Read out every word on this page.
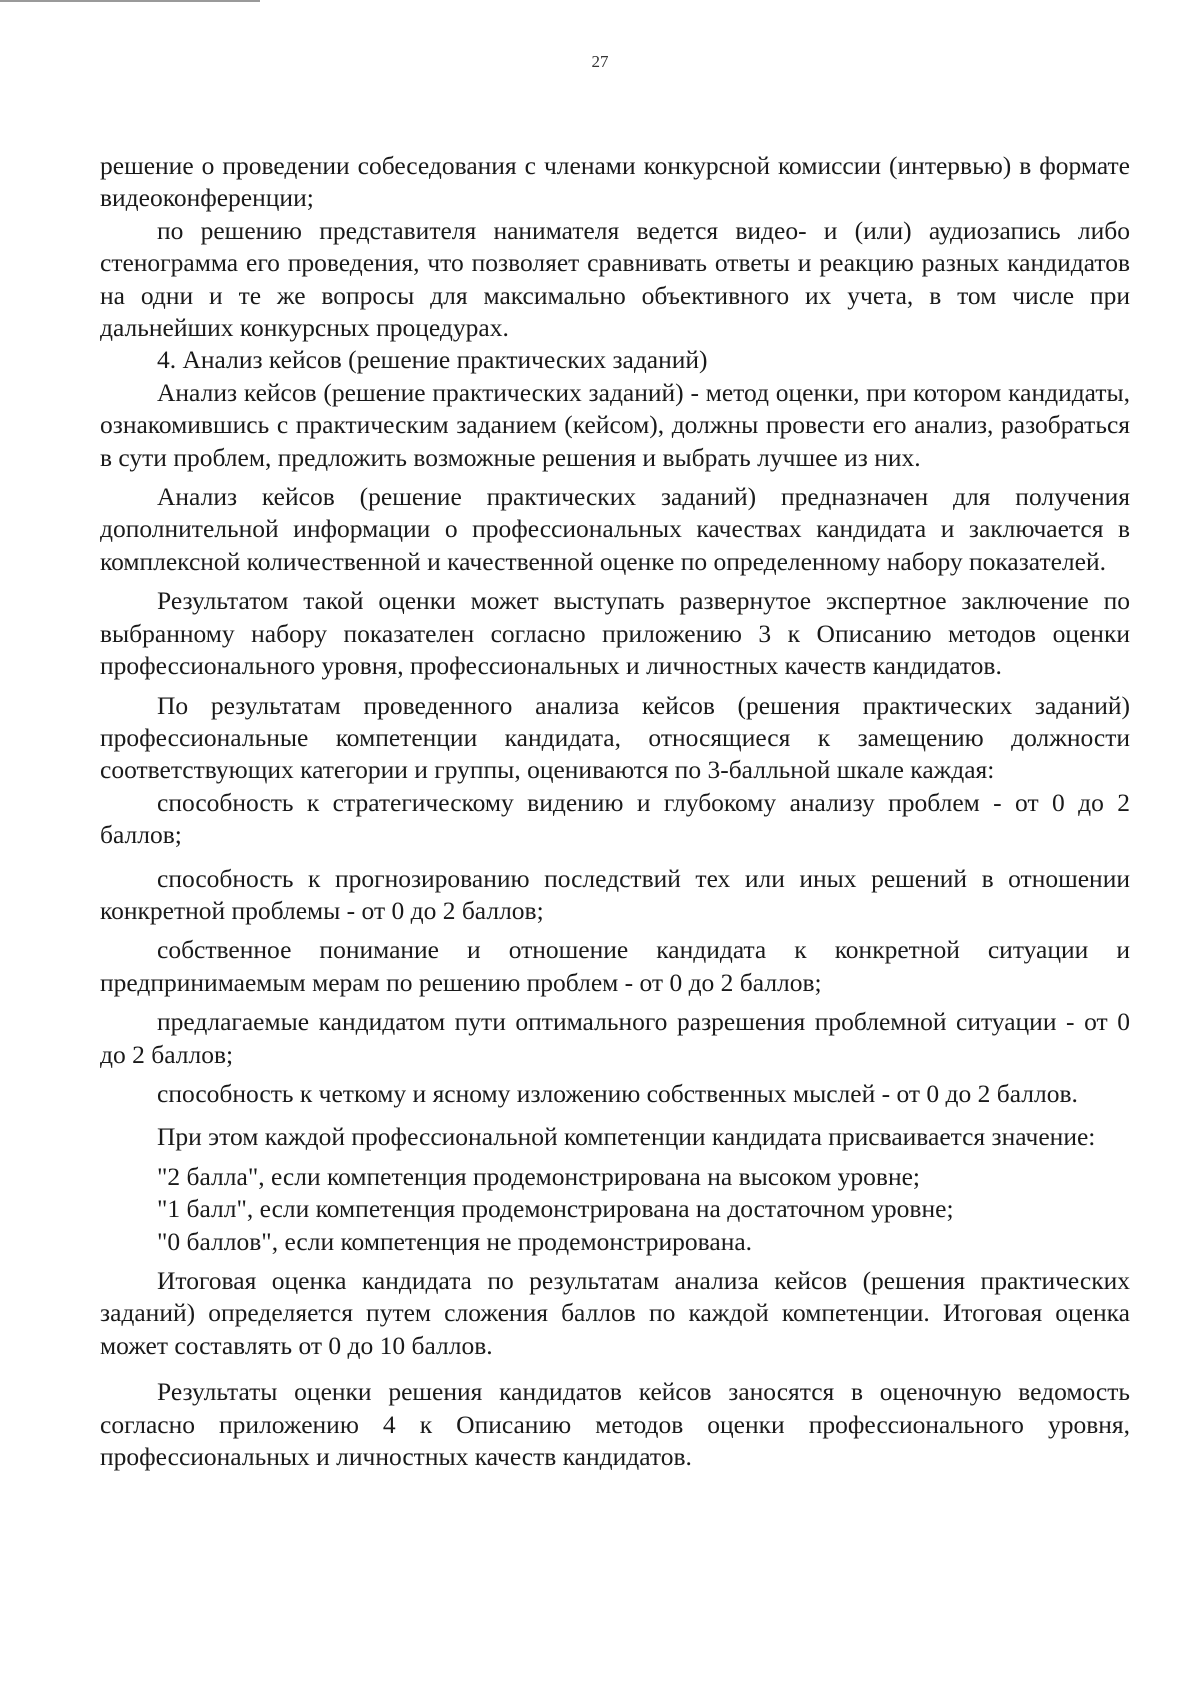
27

решение о проведении собеседования с членами конкурсной комиссии (интервью) в формате видеоконференции;

по решению представителя нанимателя ведется видео- и (или) аудиозапись либо стенограмма его проведения, что позволяет сравнивать ответы и реакцию разных кандидатов на одни и те же вопросы для максимально объективного их учета, в том числе при дальнейших конкурсных процедурах.

4. Анализ кейсов (решение практических заданий)

Анализ кейсов (решение практических заданий) - метод оценки, при котором кандидаты, ознакомившись с практическим заданием (кейсом), должны провести его анализ, разобраться в сути проблем, предложить возможные решения и выбрать лучшее из них.

Анализ кейсов (решение практических заданий) предназначен для получения дополнительной информации о профессиональных качествах кандидата и заключается в комплексной количественной и качественной оценке по определенному набору показателей.

Результатом такой оценки может выступать развернутое экспертное заключение по выбранному набору показателен согласно приложению 3 к Описанию методов оценки профессионального уровня, профессиональных и личностных качеств кандидатов.

По результатам проведенного анализа кейсов (решения практических заданий) профессиональные компетенции кандидата, относящиеся к замещению должности соответствующих категории и группы, оцениваются по 3-балльной шкале каждая:

способность к стратегическому видению и глубокому анализу проблем - от 0 до 2 баллов;

способность к прогнозированию последствий тех или иных решений в отношении конкретной проблемы - от 0 до 2 баллов;

собственное понимание и отношение кандидата к конкретной ситуации и предпринимаемым мерам по решению проблем - от 0 до 2 баллов;

предлагаемые кандидатом пути оптимального разрешения проблемной ситуации - от 0 до 2 баллов;

способность к четкому и ясному изложению собственных мыслей - от 0 до 2 баллов.

При этом каждой профессиональной компетенции кандидата присваивается значение:

"2 балла", если компетенция продемонстрирована на высоком уровне;

"1 балл", если компетенция продемонстрирована на достаточном уровне;

"0 баллов", если компетенция не продемонстрирована.

Итоговая оценка кандидата по результатам анализа кейсов (решения практических заданий) определяется путем сложения баллов по каждой компетенции. Итоговая оценка может составлять от 0 до 10 баллов.

Результаты оценки решения кандидатов кейсов заносятся в оценочную ведомость согласно приложению 4 к Описанию методов оценки профессионального уровня, профессиональных и личностных качеств кандидатов.
